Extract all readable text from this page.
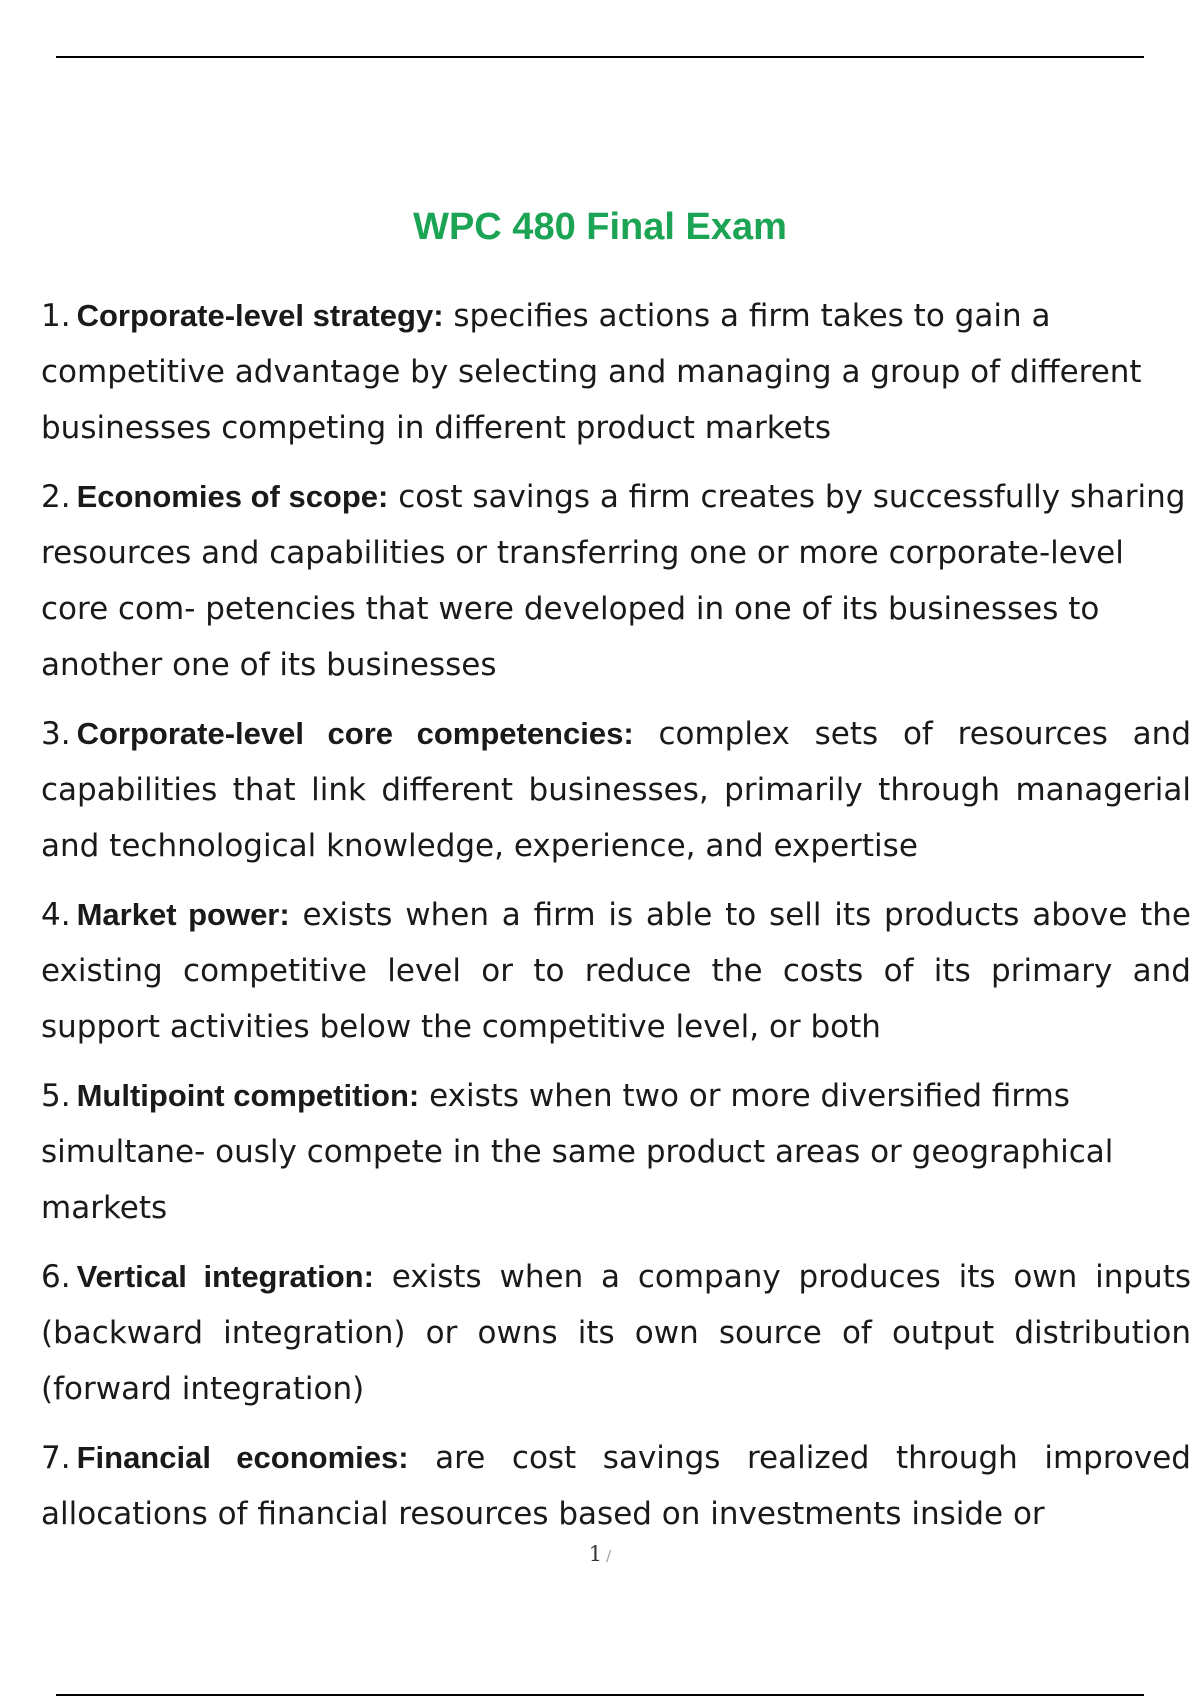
WPC 480 Final Exam
1. Corporate-level strategy: specifies actions a firm takes to gain a competitive advantage by selecting and managing a group of different businesses competing in different product markets
2. Economies of scope: cost savings a firm creates by successfully sharing resources and capabilities or transferring one or more corporate-level core com- petencies that were developed in one of its businesses to another one of its businesses
3. Corporate-level core competencies: complex sets of resources and capabilities that link different businesses, primarily through managerial and technological knowledge, experience, and expertise
4. Market power: exists when a firm is able to sell its products above the existing competitive level or to reduce the costs of its primary and support activities below the competitive level, or both
5. Multipoint competition: exists when two or more diversified firms simultane- ously compete in the same product areas or geographical markets
6. Vertical integration: exists when a company produces its own inputs (backward integration) or owns its own source of output distribution (forward integration)
7. Financial economies: are cost savings realized through improved allocations of financial resources based on investments inside or
1 /
